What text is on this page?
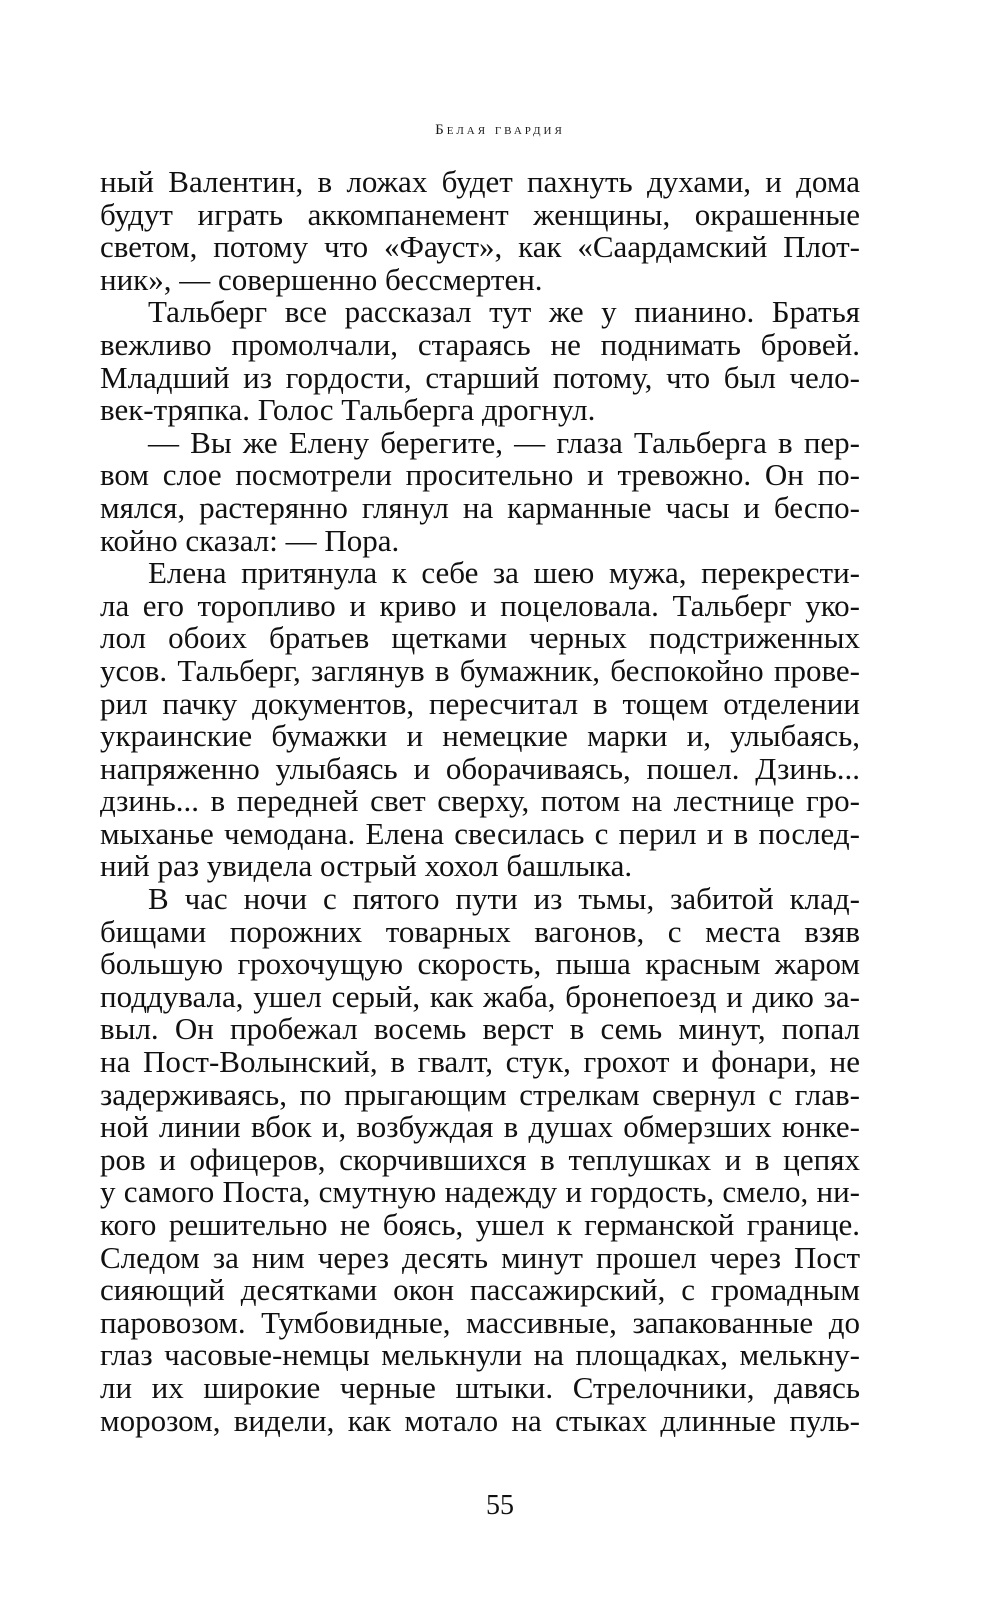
Белая гвардия
ный Валентин, в ложах будет пахнуть духами, и дома
будут играть аккомпанемент женщины, окрашенные
светом, потому что «Фауст», как «Саардамский Плот-
ник», — совершенно бессмертен.
Тальберг все рассказал тут же у пианино. Братья
вежливо промолчали, стараясь не поднимать бровей.
Младший из гордости, старший потому, что был чело-
век-тряпка. Голос Тальберга дрогнул.
— Вы же Елену берегите, — глаза Тальберга в пер-
вом слое посмотрели просительно и тревожно. Он по-
мялся, растерянно глянул на карманные часы и беспо-
койно сказал: — Пора.
Елена притянула к себе за шею мужа, перекрести-
ла его торопливо и криво и поцеловала. Тальберг уко-
лол обоих братьев щетками черных подстриженных
усов. Тальберг, заглянув в бумажник, беспокойно прове-
рил пачку документов, пересчитал в тощем отделении
украинские бумажки и немецкие марки и, улыбаясь,
напряженно улыбаясь и оборачиваясь, пошел. Дзинь...
дзинь... в передней свет сверху, потом на лестнице гро-
мыханье чемодана. Елена свесилась с перил и в послед-
ний раз увидела острый хохол башлыка.
В час ночи с пятого пути из тьмы, забитой клад-
бищами порожних товарных вагонов, с места взяв
большую грохочущую скорость, пыша красным жаром
поддувала, ушел серый, как жаба, бронепоезд и дико за-
выл. Он пробежал восемь верст в семь минут, попал
на Пост-Волынский, в гвалт, стук, грохот и фонари, не
задерживаясь, по прыгающим стрелкам свернул с глав-
ной линии вбок и, возбуждая в душах обмерзших юнке-
ров и офицеров, скорчившихся в теплушках и в цепях
у самого Поста, смутную надежду и гордость, смело, ни-
кого решительно не боясь, ушел к германской границе.
Следом за ним через десять минут прошел через Пост
сияющий десятками окон пассажирский, с громадным
паровозом. Тумбовидные, массивные, запакованные до
глаз часовые-немцы мелькнули на площадках, мелькну-
ли их широкие черные штыки. Стрелочники, давясь
морозом, видели, как мотало на стыках длинные пуль-
55
